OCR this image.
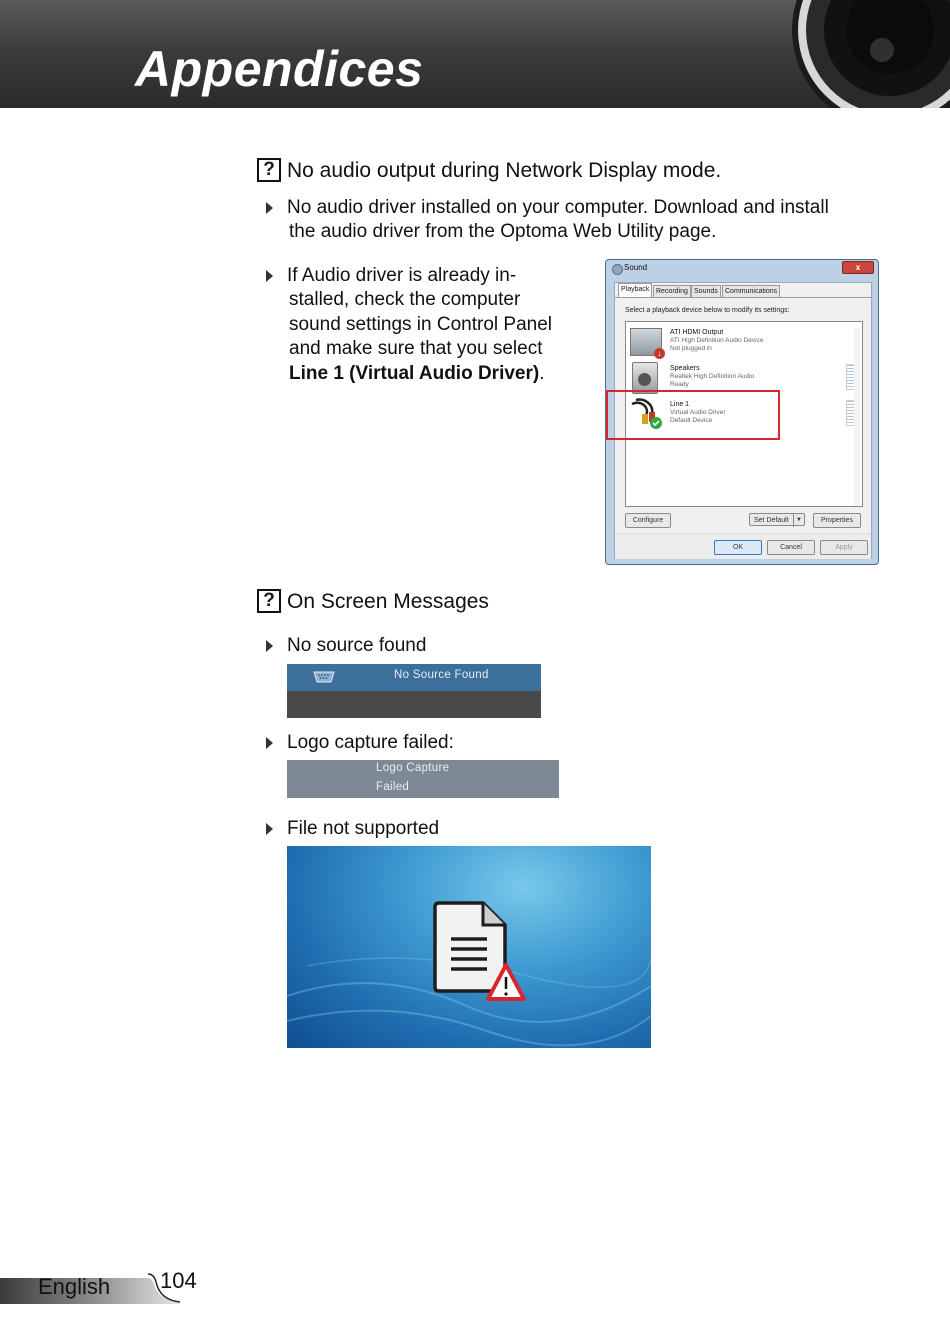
Appendices
? No audio output during Network Display mode.
No audio driver installed on your computer. Download and install
the audio driver from the Optoma Web Utility page.
If Audio driver is already in-
stalled, check the computer
sound settings in Control Panel
and make sure that you select
Line 1 (Virtual Audio Driver).
Sound	x
Playback Recording Sounds	Communications
Select a playback device below to modify its settings:
↓
ATI HDMI Output
ATI High Definition Audio Device
Not plugged in
Speakers
Realtek High Definition Audio
Ready
Line 1
Virtual Audio Driver
Default Device
Configure	Set Default	▼	Properties
OK	Cancel	Apply
? On Screen Messages
No source found
No Source Found
Logo capture failed:
Logo Capture
Failed
File not supported
English 104
